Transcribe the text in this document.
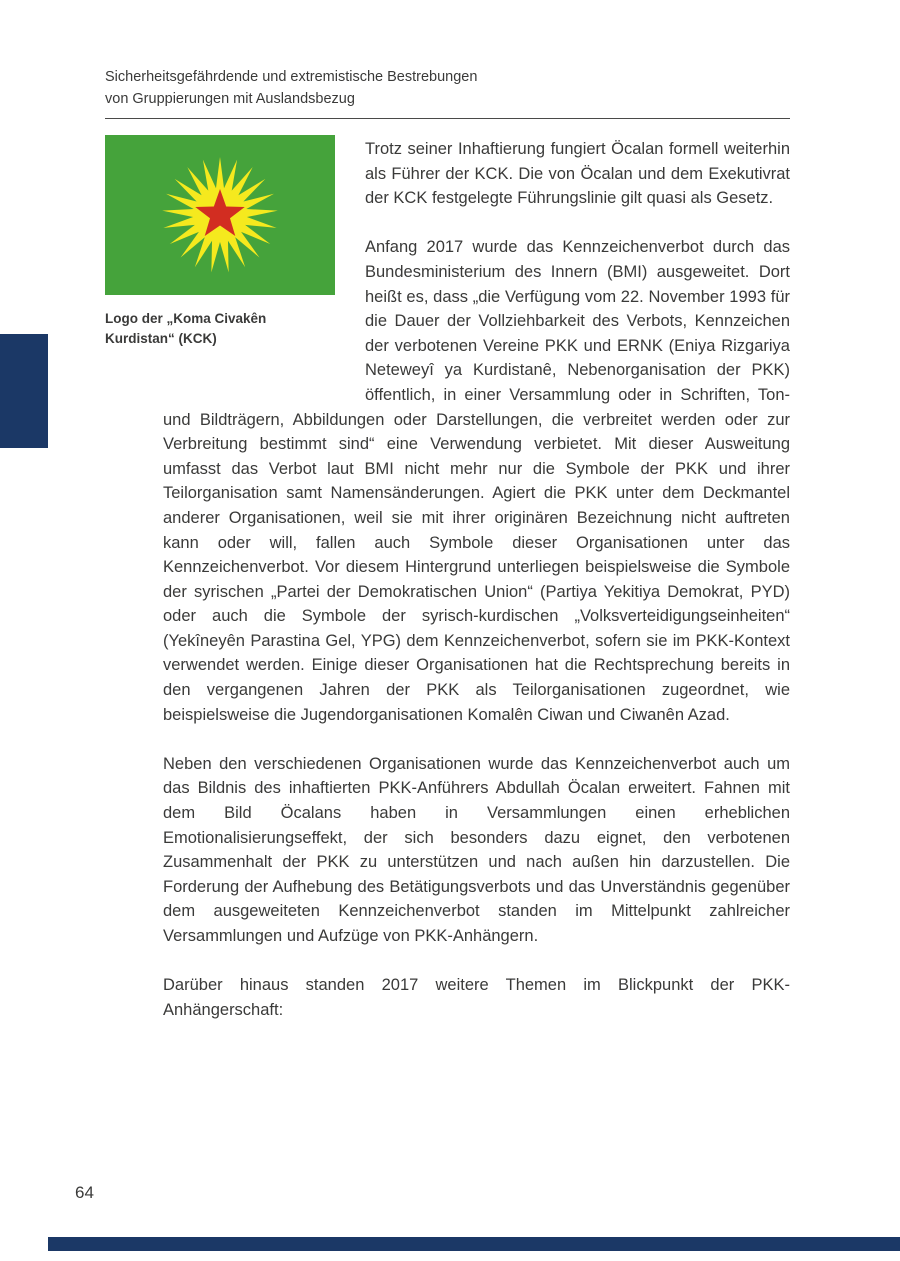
Sicherheitsgefährdende und extremistische Bestrebungen
von Gruppierungen mit Auslandsbezug
Logo der „Koma Civakên Kurdistan“ (KCK)

Trotz seiner Inhaftierung fungiert Öcalan formell weiterhin als Führer der KCK. Die von Öcalan und dem Exekutivrat der KCK festgelegte Führungslinie gilt quasi als Gesetz.

Anfang 2017 wurde das Kennzeichenverbot durch das Bundesministerium des Innern (BMI) ausgeweitet. Dort heißt es, dass „die Verfügung vom 22. November 1993 für die Dauer der Vollziehbarkeit des Verbots, Kennzeichen der verbotenen Vereine PKK und ERNK (Eniya Rizgariya Neteweyî ya Kurdistanê, Nebenorganisation der PKK) öffentlich, in einer Versammlung oder in Schriften, Ton- und Bildträgern, Abbildungen oder Darstellungen, die verbreitet werden oder zur Verbreitung bestimmt sind“ eine Verwendung verbietet. Mit dieser Ausweitung umfasst das Verbot laut BMI nicht mehr nur die Symbole der PKK und ihrer Teilorganisation samt Namensänderungen. Agiert die PKK unter dem Deckmantel anderer Organisationen, weil sie mit ihrer originären Bezeichnung nicht auftreten kann oder will, fallen auch Symbole dieser Organisationen unter das Kennzeichenverbot. Vor diesem Hintergrund unterliegen beispielsweise die Symbole der syrischen „Partei der Demokratischen Union“ (Partiya Yekitiya Demokrat, PYD) oder auch die Symbole der syrisch-kurdischen „Volksverteidigungseinheiten“ (Yekîneyên Parastina Gel, YPG) dem Kennzeichenverbot, sofern sie im PKK-Kontext verwendet werden. Einige dieser Organisationen hat die Rechtsprechung bereits in den vergangenen Jahren der PKK als Teilorganisationen zugeordnet, wie beispielsweise die Jugendorganisationen Komalên Ciwan und Ciwanên Azad.

Neben den verschiedenen Organisationen wurde das Kennzeichenverbot auch um das Bildnis des inhaftierten PKK-Anführers Abdullah Öcalan erweitert. Fahnen mit dem Bild Öcalans haben in Versammlungen einen erheblichen Emotionalisierungseffekt, der sich besonders dazu eignet, den verbotenen Zusammenhalt der PKK zu unterstützen und nach außen hin darzustellen. Die Forderung der Aufhebung des Betätigungsverbots und das Unverständnis gegenüber dem ausgeweiteten Kennzeichenverbot standen im Mittelpunkt zahlreicher Versammlungen und Aufzüge von PKK-Anhängern.

Darüber hinaus standen 2017 weitere Themen im Blickpunkt der PKK-Anhängerschaft:

64
